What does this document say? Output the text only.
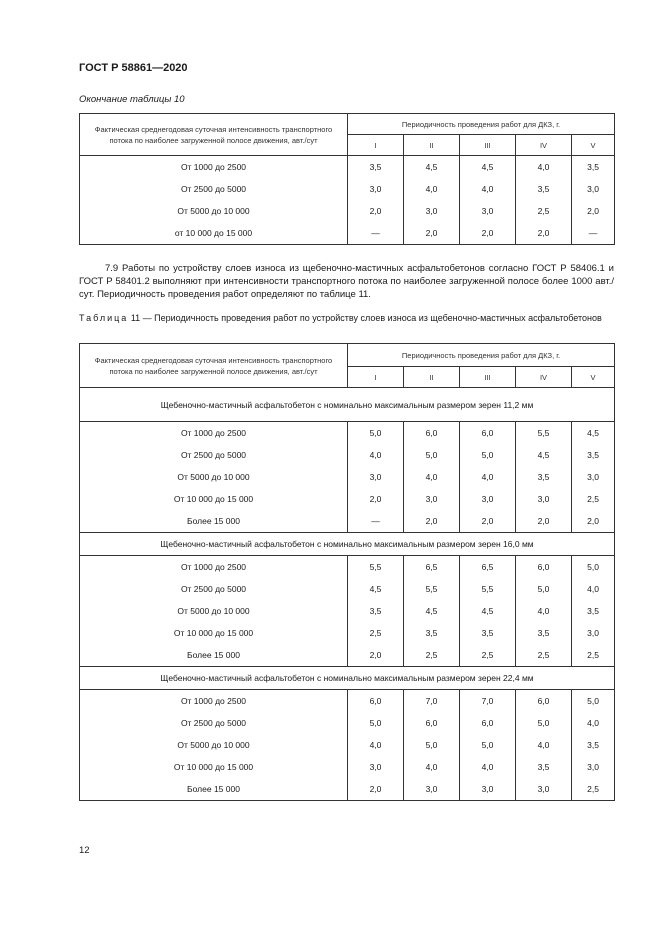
ГОСТ Р 58861—2020
Окончание таблицы 10
Фактическая среднегодовая суточная интенсивность транспортного потока по наиболее загруженной полосе движения, авт./сут	Периодичность проведения работ для ДКЗ, г.				
	I	II	III	IV	V
От 1000 до 2500	3,5	4,5	4,5	4,0	3,5
От 2500 до 5000	3,0	4,0	4,0	3,5	3,0
От 5000 до 10 000	2,0	3,0	3,0	2,5	2,0
от 10 000 до 15 000	—	2,0	2,0	2,0	—

7.9 Работы по устройству слоев износа из щебеночно-мастичных асфальтобетонов согласно ГОСТ Р 58406.1 и ГОСТ Р 58401.2 выполняют при интенсивности транспортного потока по наиболее загруженной полосе более 1000 авт./сут. Периодичность проведения работ определяют по таблице 11.

Таблица 11 — Периодичность проведения работ по устройству слоев износа из щебеночно-мастичных асфальтобетонов
Фактическая среднегодовая суточная интенсивность транспортного потока по наиболее загруженной полосе движения, авт./сут	Периодичность проведения работ для ДКЗ, г.				
	I	II	III	IV	V
Щебеночно-мастичный асфальтобетон с номинально максимальным размером зерен 11,2 мм					
От 1000 до 2500	5,0	6,0	6,0	5,5	4,5
От 2500 до 5000	4,0	5,0	5,0	4,5	3,5
От 5000 до 10 000	3,0	4,0	4,0	3,5	3,0
От 10 000 до 15 000	2,0	3,0	3,0	3,0	2,5
Более 15 000	—	2,0	2,0	2,0	2,0
Щебеночно-мастичный асфальтобетон с номинально максимальным размером зерен 16,0 мм					
От 1000 до 2500	5,5	6,5	6,5	6,0	5,0
От 2500 до 5000	4,5	5,5	5,5	5,0	4,0
От 5000 до 10 000	3,5	4,5	4,5	4,0	3,5
От 10 000 до 15 000	2,5	3,5	3,5	3,5	3,0
Более 15 000	2,0	2,5	2,5	2,5	2,5
Щебеночно-мастичный асфальтобетон с номинально максимальным размером зерен 22,4 мм					
От 1000 до 2500	6,0	7,0	7,0	6,0	5,0
От 2500 до 5000	5,0	6,0	6,0	5,0	4,0
От 5000 до 10 000	4,0	5,0	5,0	4,0	3,5
От 10 000 до 15 000	3,0	4,0	4,0	3,5	3,0
Более 15 000	2,0	3,0	3,0	3,0	2,5
12
